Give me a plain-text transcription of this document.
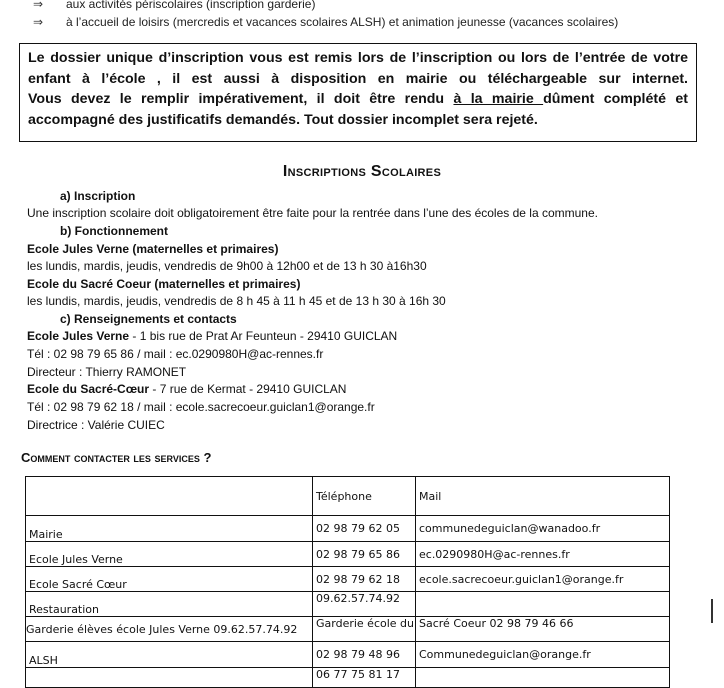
⇒ aux activités périscolaires (inscription garderie)
⇒ à l’accueil de loisirs (mercredis et vacances scolaires ALSH) et animation jeunesse (vacances scolaires)
Le dossier unique d’inscription vous est remis lors de l’inscription ou lors de l’entrée de votre
enfant à l’école , il est aussi à disposition en mairie ou téléchargeable sur internet.
Vous devez le remplir impérativement, il doit être rendu à la mairie dûment complété et
accompagné des justificatifs demandés. Tout dossier incomplet sera rejeté.
Inscriptions Scolaires
a) Inscription
Une inscription scolaire doit obligatoirement être faite pour la rentrée dans l’une des écoles de la commune.
b) Fonctionnement
Ecole Jules Verne (maternelles et primaires)
les lundis, mardis, jeudis, vendredis de 9h00 à 12h00 et de 13 h 30 à16h30
Ecole du Sacré Coeur (maternelles et primaires)
les lundis, mardis, jeudis, vendredis de 8 h 45 à 11 h 45 et de 13 h 30 à 16h 30
c) Renseignements et contacts
Ecole Jules Verne - 1 bis rue de Prat Ar Feunteun - 29410 GUICLAN
Tél : 02 98 79 65 86 / mail : ec.0290980H@ac-rennes.fr
Directeur : Thierry RAMONET
Ecole du Sacré-Cœur - 7 rue de Kermat - 29410 GUICLAN
Tél : 02 98 79 62 18 / mail : ecole.sacrecoeur.guiclan1@orange.fr
Directrice : Valérie CUIEC
Comment contacter les services ?
	Téléphone	Mail
Mairie	02 98 79 62 05	communedeguiclan@wanadoo.fr
Ecole Jules Verne	02 98 79 65 86	ec.0290980H@ac-rennes.fr
Ecole Sacré Cœur	02 98 79 62 18	ecole.sacrecoeur.guiclan1@orange.fr
Restauration	09.62.57.74.92	
Garderie élèves école Jules Verne 09.62.57.74.92	Garderie école du	Sacré Coeur 02 98 79 46 66
ALSH	02 98 79 48 96	Communedeguiclan@orange.fr
	06 77 75 81 17	
